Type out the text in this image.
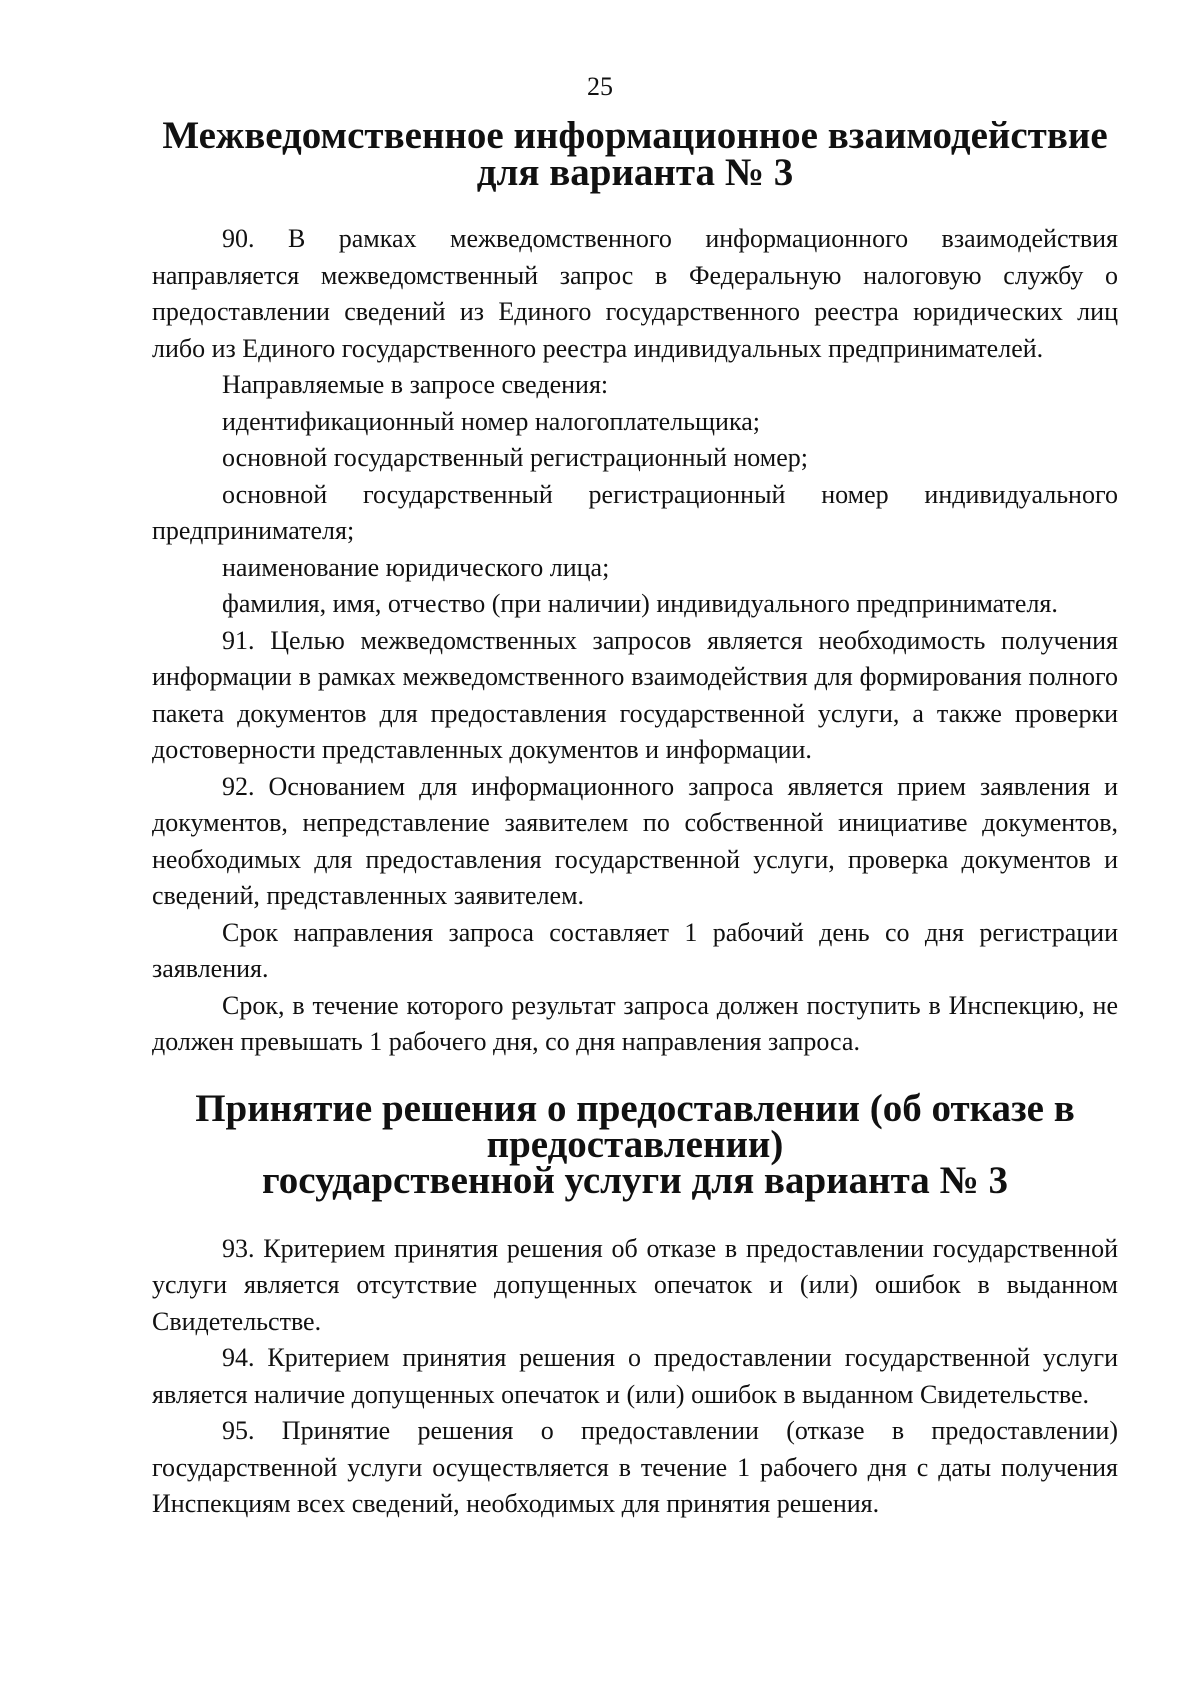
25
Межведомственное информационное взаимодействие для варианта № 3

90. В рамках межведомственного информационного взаимодействия направляется межведомственный запрос в Федеральную налоговую службу о предоставлении сведений из Единого государственного реестра юридических лиц либо из Единого государственного реестра индивидуальных предпринимателей.

Направляемые в запросе сведения:

идентификационный номер налогоплательщика;

основной государственный регистрационный номер;

основной государственный регистрационный номер индивидуального предпринимателя;

наименование юридического лица;

фамилия, имя, отчество (при наличии) индивидуального предпринимателя.

91. Целью межведомственных запросов является необходимость получения информации в рамках межведомственного взаимодействия для формирования полного пакета документов для предоставления государственной услуги, а также проверки достоверности представленных документов и информации.

92. Основанием для информационного запроса является прием заявления и документов, непредставление заявителем по собственной инициативе документов, необходимых для предоставления государственной услуги, проверка документов и сведений, представленных заявителем.

Срок направления запроса составляет 1 рабочий день со дня регистрации заявления.

Срок, в течение которого результат запроса должен поступить в Инспекцию, не должен превышать 1 рабочего дня, со дня направления запроса.

Принятие решения о предоставлении (об отказе в предоставлении)
государственной услуги для варианта № 3

93. Критерием принятия решения об отказе в предоставлении государственной услуги является отсутствие допущенных опечаток и (или) ошибок в выданном Свидетельстве.

94. Критерием принятия решения о предоставлении государственной услуги является наличие допущенных опечаток и (или) ошибок в выданном Свидетельстве.

95. Принятие решения о предоставлении (отказе в предоставлении) государственной услуги осуществляется в течение 1 рабочего дня с даты получения Инспекциям всех сведений, необходимых для принятия решения.
